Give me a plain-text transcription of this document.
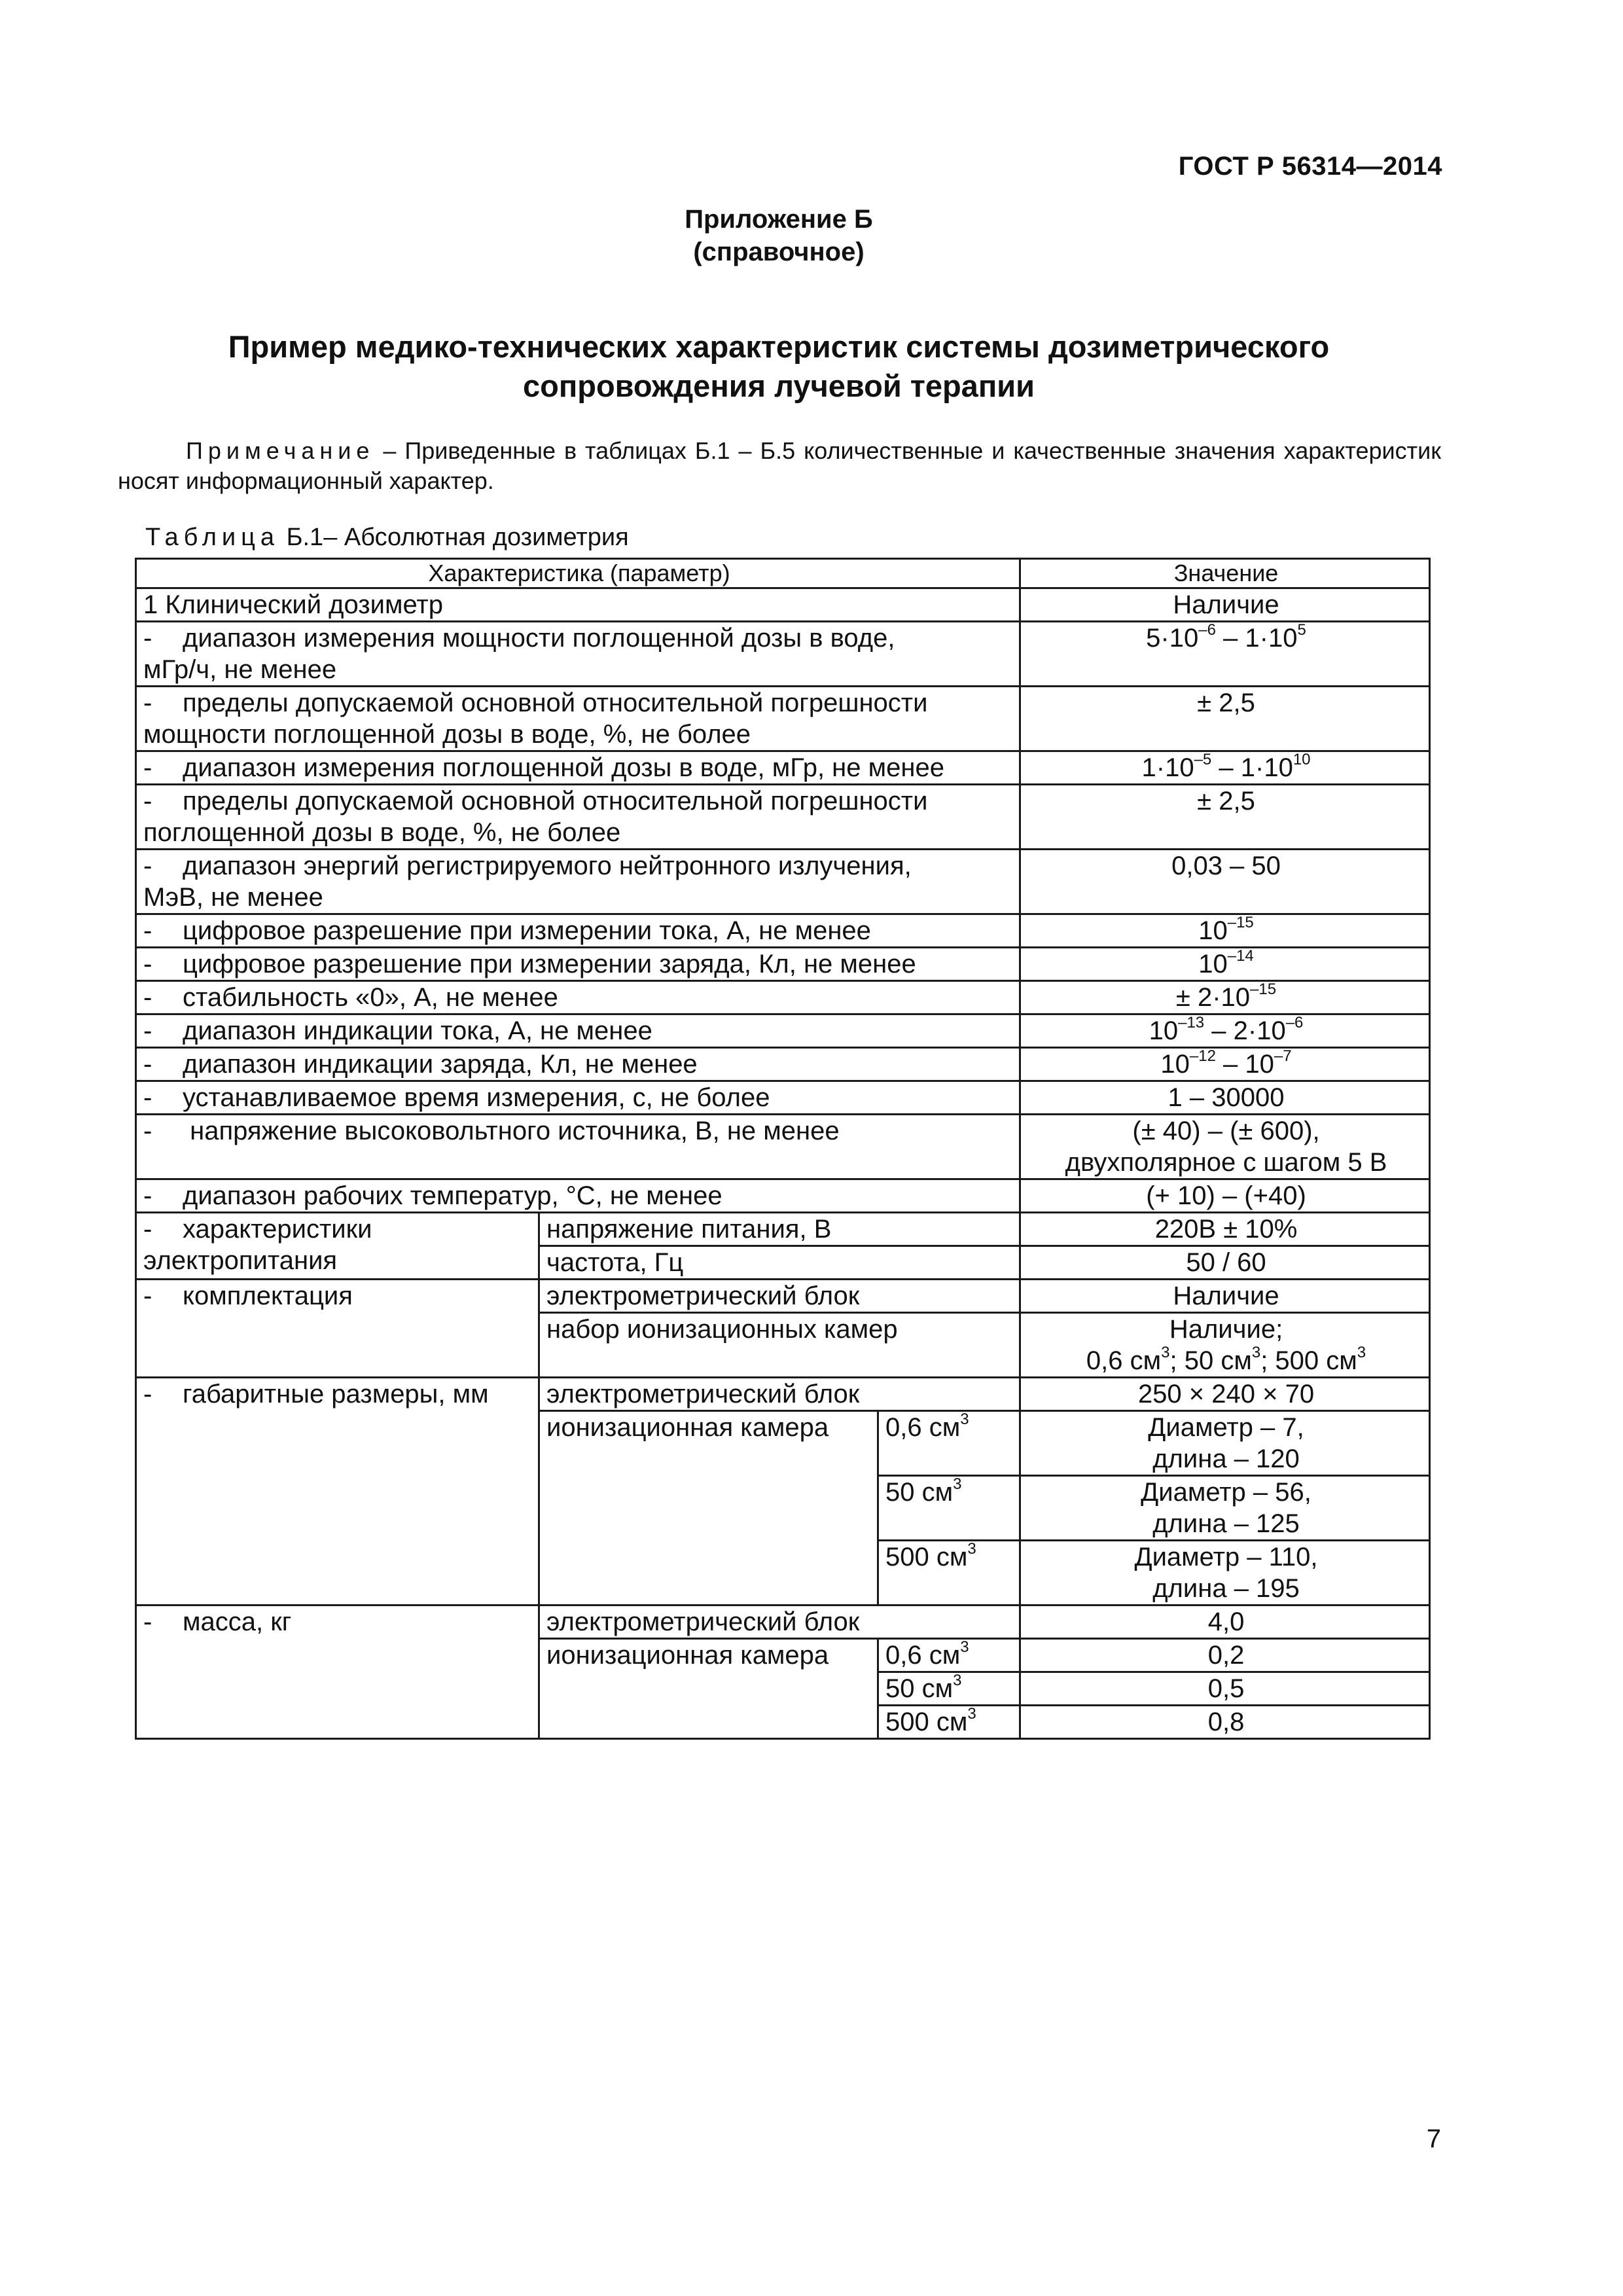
ГОСТ Р 56314—2014
Приложение Б
(справочное)
Пример медико-технических характеристик системы дозиметрического
сопровождения лучевой терапии
Примечание – Приведенные в таблицах Б.1 – Б.5 количественные и качественные значения характеристик носят информационный характер.
Таблица Б.1– Абсолютная дозиметрия
Характеристика (параметр)			Значение
1 Клинический дозиметр			Наличие
- диапазон измерения мощности поглощенной дозы в воде,
мГр/ч, не менее			$5\cdot 10^{-6} - 1\cdot 10^5$
- пределы допускаемой основной относительной погрешности
мощности поглощенной дозы в воде, %, не более			± 2,5
- диапазон измерения поглощенной дозы в воде, мГр, не менее			$1\cdot 10^{-5} - 1\cdot 10^{10}$
- пределы допускаемой основной относительной погрешности
поглощенной дозы в воде, %, не более			± 2,5
- диапазон энергий регистрируемого нейтронного излучения,
МэВ, не менее			0,03 – 50
- цифровое разрешение при измерении тока, А, не менее			$10^{-15}$
- цифровое разрешение при измерении заряда, Кл, не менее			$10^{-14}$
- стабильность «0», А, не менее			± $2\cdot 10^{-15}$
- диапазон индикации тока, А, не менее			$10^{-13} - 2\cdot 10^{-6}$
- диапазон индикации заряда, Кл, не менее			$10^{-12} - 10^{-7}$
- устанавливаемое время измерения, с, не более			1 – 30000
- напряжение высоковольтного источника, В, не менее			(± 40) – (± 600),
двухполярное с шагом 5 В
- диапазон рабочих температур, °С, не менее			(+ 10) – (+40)
- характеристики
электропитания	напряжение питания, В		220В ± 10%
	частота, Гц		50 / 60
- комплектация	электрометрический блок		Наличие
	набор ионизационных камер		Наличие;
0,6 $см^3$; 50 $см^3$; 500 $см^3$
- габаритные размеры, мм	электрометрический блок		250 × 240 × 70
	ионизационная камера	0,6 $см^3$	Диаметр – 7,
длина – 120
		50 $см^3$	Диаметр – 56,
длина – 125
		500 $см^3$	Диаметр – 110,
длина – 195
- масса, кг	электрометрический блок		4,0
	ионизационная камера	0,6 $см^3$	0,2
		50 $см^3$	0,5
		500 $см^3$	0,8
7
